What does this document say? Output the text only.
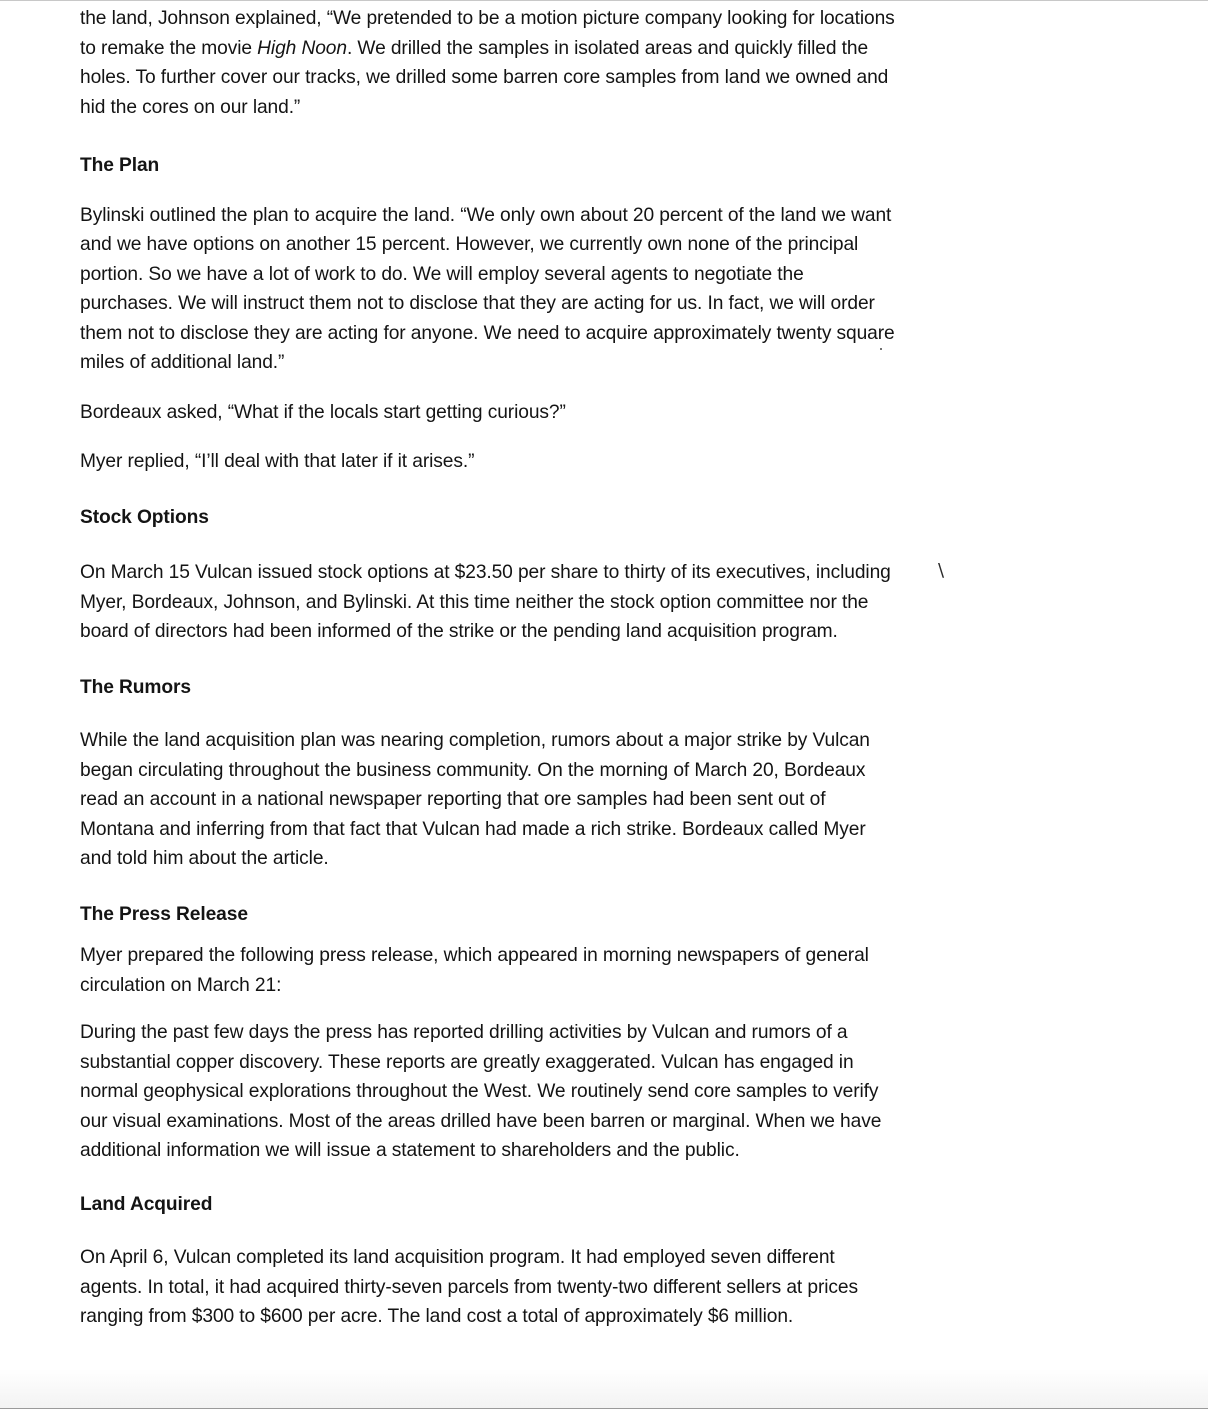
the land, Johnson explained, “We pretended to be a motion picture company looking for locations to remake the movie High Noon. We drilled the samples in isolated areas and quickly filled the holes. To further cover our tracks, we drilled some barren core samples from land we owned and hid the cores on our land.”

The Plan

Bylinski outlined the plan to acquire the land. “We only own about 20 percent of the land we want and we have options on another 15 percent. However, we currently own none of the principal portion. So we have a lot of work to do. We will employ several agents to negotiate the purchases. We will instruct them not to disclose that they are acting for us. In fact, we will order them not to disclose they are acting for anyone. We need to acquire approximately twenty square miles of additional land.”

Bordeaux asked, “What if the locals start getting curious?”

Myer replied, “I’ll deal with that later if it arises.”

Stock Options

On March 15 Vulcan issued stock options at $23.50 per share to thirty of its executives, including Myer, Bordeaux, Johnson, and Bylinski. At this time neither the stock option committee nor the board of directors had been informed of the strike or the pending land acquisition program.

The Rumors

While the land acquisition plan was nearing completion, rumors about a major strike by Vulcan began circulating throughout the business community. On the morning of March 20, Bordeaux read an account in a national newspaper reporting that ore samples had been sent out of Montana and inferring from that fact that Vulcan had made a rich strike. Bordeaux called Myer and told him about the article.

The Press Release

Myer prepared the following press release, which appeared in morning newspapers of general circulation on March 21:

During the past few days the press has reported drilling activities by Vulcan and rumors of a substantial copper discovery. These reports are greatly exaggerated. Vulcan has engaged in normal geophysical explorations throughout the West. We routinely send core samples to verify our visual examinations. Most of the areas drilled have been barren or marginal. When we have additional information we will issue a statement to shareholders and the public.

Land Acquired

On April 6, Vulcan completed its land acquisition program. It had employed seven different agents. In total, it had acquired thirty-seven parcels from twenty-two different sellers at prices ranging from $300 to $600 per acre. The land cost a total of approximately $6 million.

\
